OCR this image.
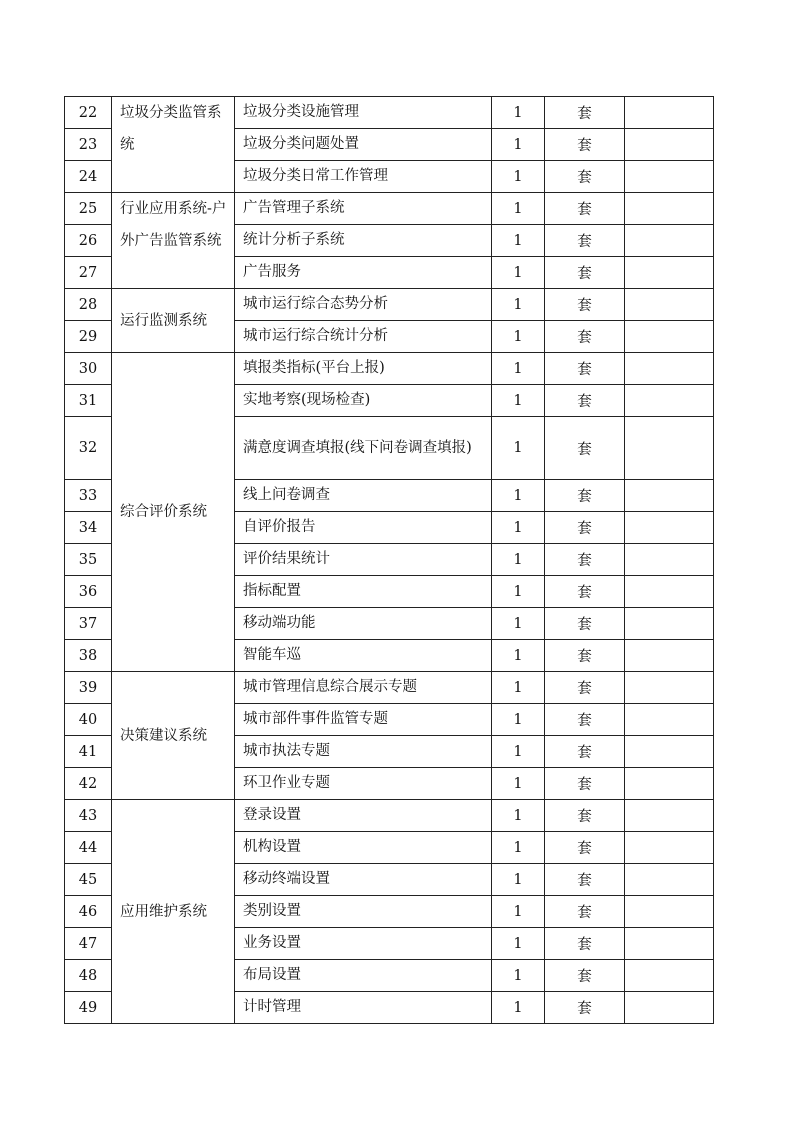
22	垃圾分类监管系统	垃圾分类设施管理	1	套	
23		垃圾分类问题处置	1	套	
24		垃圾分类日常工作管理	1	套	
25	行业应用系统-户外广告监管系统	广告管理子系统	1	套	
26		统计分析子系统	1	套	
27		广告服务	1	套	
28	运行监测系统	城市运行综合态势分析	1	套	
29		城市运行综合统计分析	1	套	
30	综合评价系统	填报类指标(平台上报)	1	套	
31		实地考察(现场检查)	1	套	
32		满意度调查填报(线下问卷调查填报)	1	套	
33		线上问卷调查	1	套	
34		自评价报告	1	套	
35		评价结果统计	1	套	
36		指标配置	1	套	
37		移动端功能	1	套	
38		智能车巡	1	套	
39	决策建议系统	城市管理信息综合展示专题	1	套	
40		城市部件事件监管专题	1	套	
41		城市执法专题	1	套	
42		环卫作业专题	1	套	
43	应用维护系统	登录设置	1	套	
44		机构设置	1	套	
45		移动终端设置	1	套	
46		类别设置	1	套	
47		业务设置	1	套	
48		布局设置	1	套	
49		计时管理	1	套	
